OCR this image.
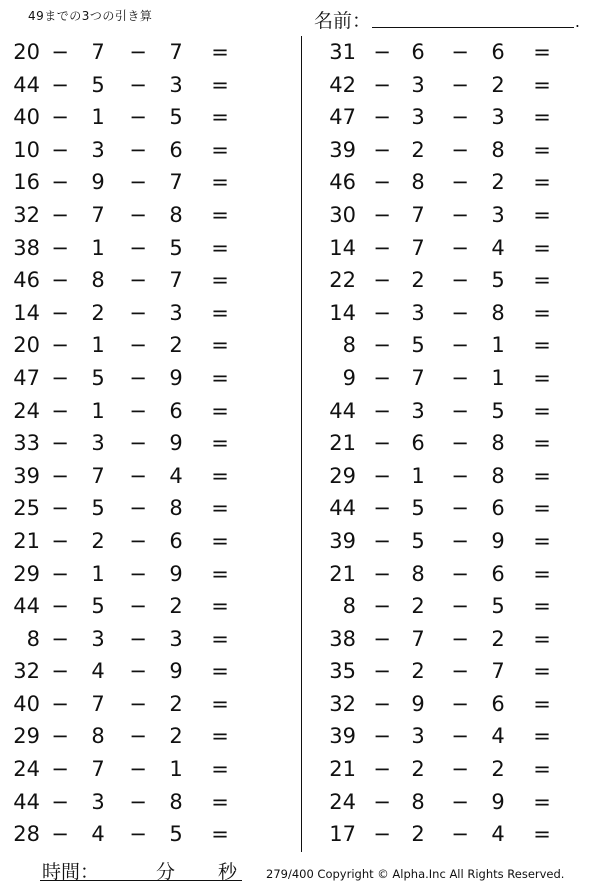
49までの3つの引き算	名前：	.
20 − 7 − 7 =
44 − 5 − 3 =
40 − 1 − 5 =
10 − 3 − 6 =
16 − 9 − 7 =
32 − 7 − 8 =
38 − 1 − 5 =
46 − 8 − 7 =
14 − 2 − 3 =
20 − 1 − 2 =
47 − 5 − 9 =
24 − 1 − 6 =
33 − 3 − 9 =
39 − 7 − 4 =
25 − 5 − 8 =
21 − 2 − 6 =
29 − 1 − 9 =
44 − 5 − 2 =
8 − 3 − 3 =
32 − 4 − 9 =
40 − 7 − 2 =
29 − 8 − 2 =
24 − 7 − 1 =
44 − 3 − 8 =
28 − 4 − 5 =
31 − 6 − 6 =
42 − 3 − 2 =
47 − 3 − 3 =
39 − 2 − 8 =
46 − 8 − 2 =
30 − 7 − 3 =
14 − 7 − 4 =
22 − 2 − 5 =
14 − 3 − 8 =
8 − 5 − 1 =
9 − 7 − 1 =
44 − 3 − 5 =
21 − 6 − 8 =
29 − 1 − 8 =
44 − 5 − 6 =
39 − 5 − 9 =
21 − 8 − 6 =
8 − 2 − 5 =
38 − 7 − 2 =
35 − 2 − 7 =
32 − 9 − 6 =
39 − 3 − 4 =
21 − 2 − 2 =
24 − 8 − 9 =
17 − 2 − 4 =
時間：	分 秒	279/400 Copyright © Alpha.Inc All Rights Reserved.
